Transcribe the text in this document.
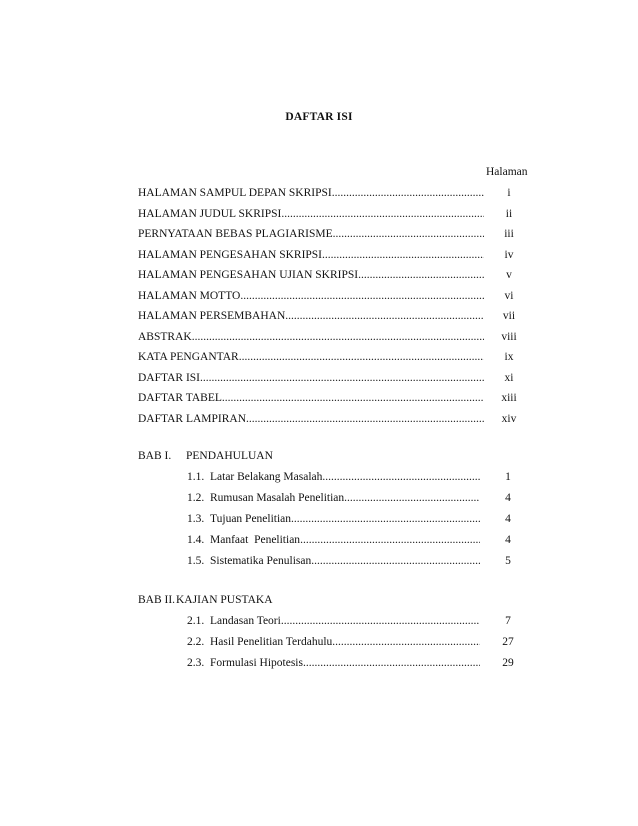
DAFTAR ISI
Halaman
HALAMAN SAMPUL DEPAN SKRIPSI .....	i
HALAMAN JUDUL SKRIPSI .....	ii
PERNYATAAN BEBAS PLAGIARISME .....	iii
HALAMAN PENGESAHAN SKRIPSI .....	iv
HALAMAN PENGESAHAN UJIAN SKRIPSI .....	v
HALAMAN MOTTO .....	vi
HALAMAN PERSEMBAHAN .....	vii
ABSTRAK .....	viii
KATA PENGANTAR .....	ix
DAFTAR ISI .....	xi
DAFTAR TABEL .....	xiii
DAFTAR LAMPIRAN .....	xiv
BAB I. PENDAHULUAN
1.1. Latar Belakang Masalah .....	1
1.2. Rumusan Masalah Penelitian .....	4
1.3. Tujuan Penelitian .....	4
1.4. Manfaat  Penelitian .....	4
1.5. Sistematika Penulisan .....	5
BAB II.KAJIAN PUSTAKA
2.1. Landasan Teori .....	7
2.2. Hasil Penelitian Terdahulu .....	27
2.3. Formulasi Hipotesis .....	29
